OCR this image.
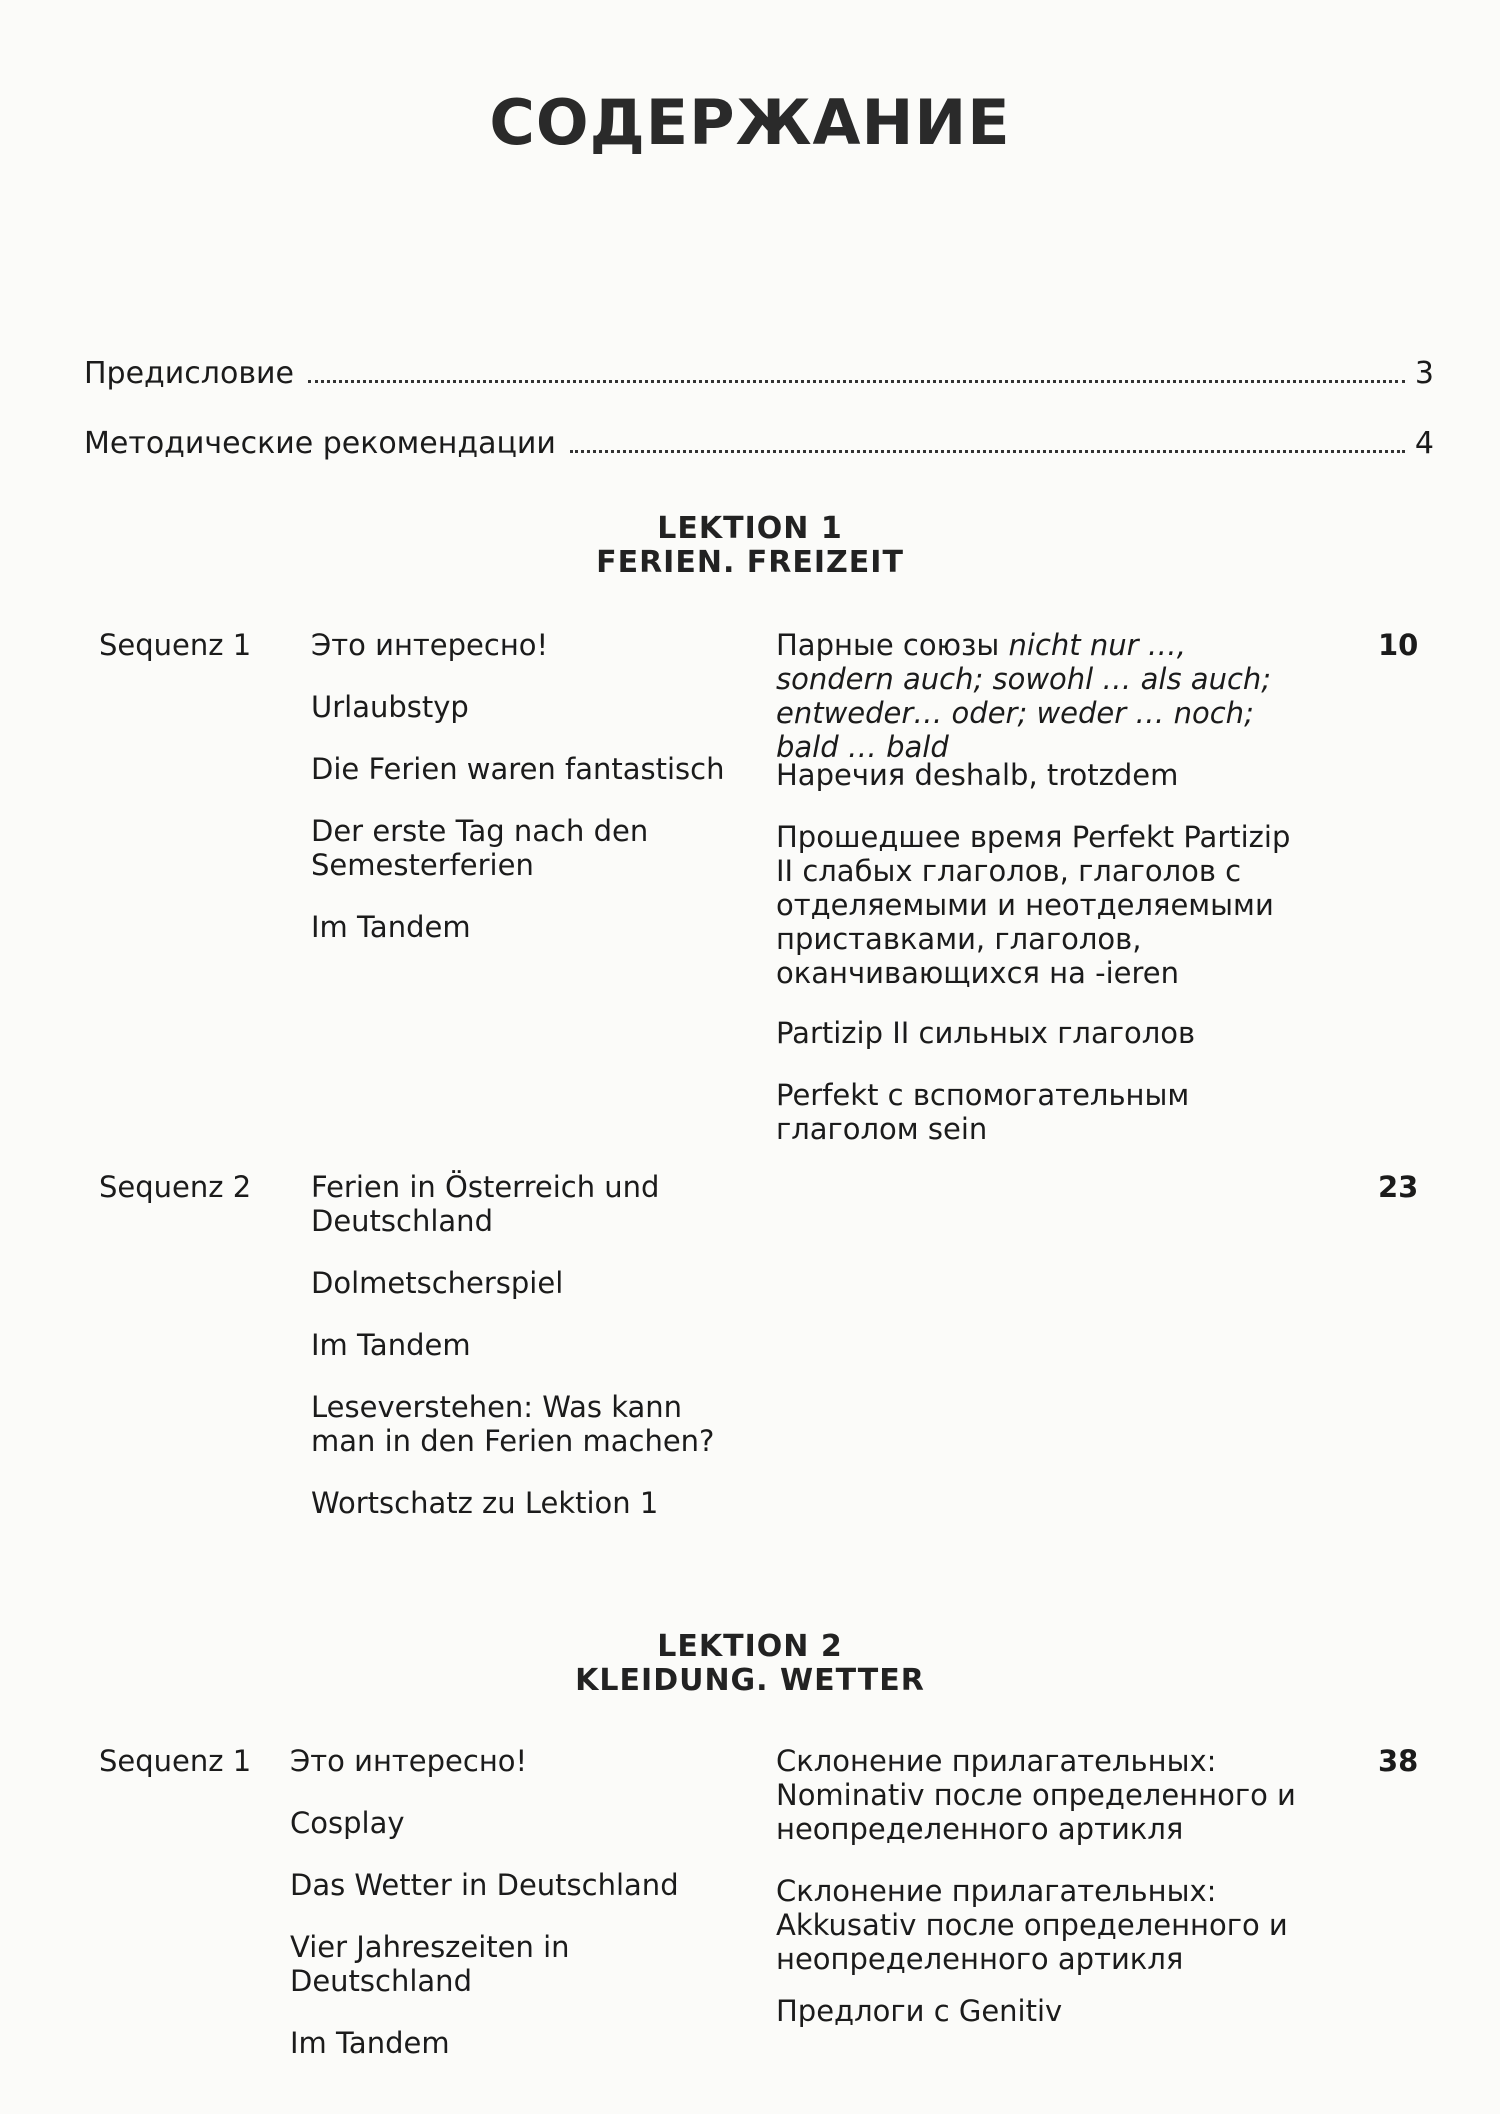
СОДЕРЖАНИЕ
Предисловие	3
Методические рекомендации	4
LEKTION 1
FERIEN. FREIZEIT
Sequenz 1 Это интересно!
Urlaubstyp
Die Ferien waren fantastisch
Der erste Tag nach den Semesterferien
Im Tandem
Парные союзы nicht nur …, sondern auch; sowohl … als auch; entweder… oder; weder … noch; bald … bald
Наречия deshalb, trotzdem
Прошедшее время Perfekt Partizip II слабых глаголов, глаголов с отделяемыми и неотделяемыми приставками, глаголов, оканчивающихся на -ieren
Partizip II сильных глаголов
Perfekt с вспомогательным глаголом sein
10
Sequenz 2 Ferien in Österreich und Deutschland
Dolmetscherspiel
Im Tandem
Leseverstehen: Was kann man in den Ferien machen?
Wortschatz zu Lektion 1
23
LEKTION 2
KLEIDUNG. WETTER
Sequenz 1 Это интересно!
Cosplay
Das Wetter in Deutschland
Vier Jahreszeiten in Deutschland
Im Tandem
Склонение прилагательных: Nominativ после определенного и неопределенного артикля
Склонение прилагательных: Akkusativ после определенного и неопределенного артикля
Предлоги с Genitiv
38
